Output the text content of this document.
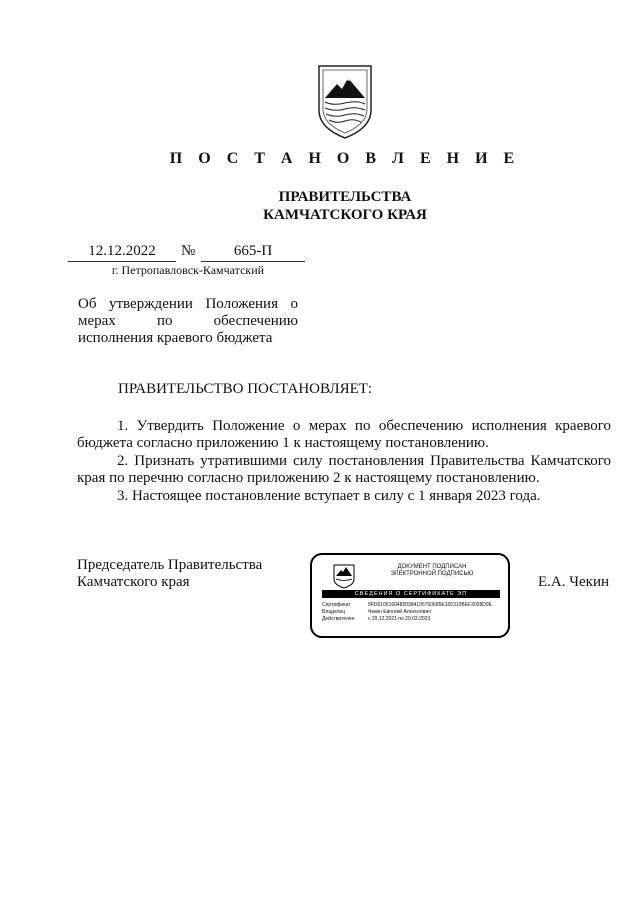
П О С Т А Н О В Л Е Н И Е
ПРАВИТЕЛЬСТВА
КАМЧАТСКОГО КРАЯ
12.12.2022	№	665-П
г. Петропавловск-Камчатский
Об утверждении Положения о мерах по обеспечению исполнения краевого бюджета
ПРАВИТЕЛЬСТВО ПОСТАНОВЛЯЕТ:
1. Утвердить Положение о мерах по обеспечению исполнения краевого бюджета согласно приложению 1 к настоящему постановлению.
2. Признать утратившими силу постановления Правительства Камчатского края по перечню согласно приложению 2 к настоящему постановлению.
3. Настоящее постановление вступает в силу с 1 января 2023 года.
Председатель Правительства
Камчатского края
ДОКУМЕНТ ПОДПИСАН
ЭЛЕКТРОННОЙ ПОДПИСЬЮ
СВЕДЕНИЯ О СЕРТИФИКАТЕ ЭП
Сертификат	5FD61051604820384195760685E165310BEF2028D9E
Владелец	Чекин Евгений Алексеевич
Действителен	с 29.12.2021 по 29.03.2023
Е.А. Чекин
